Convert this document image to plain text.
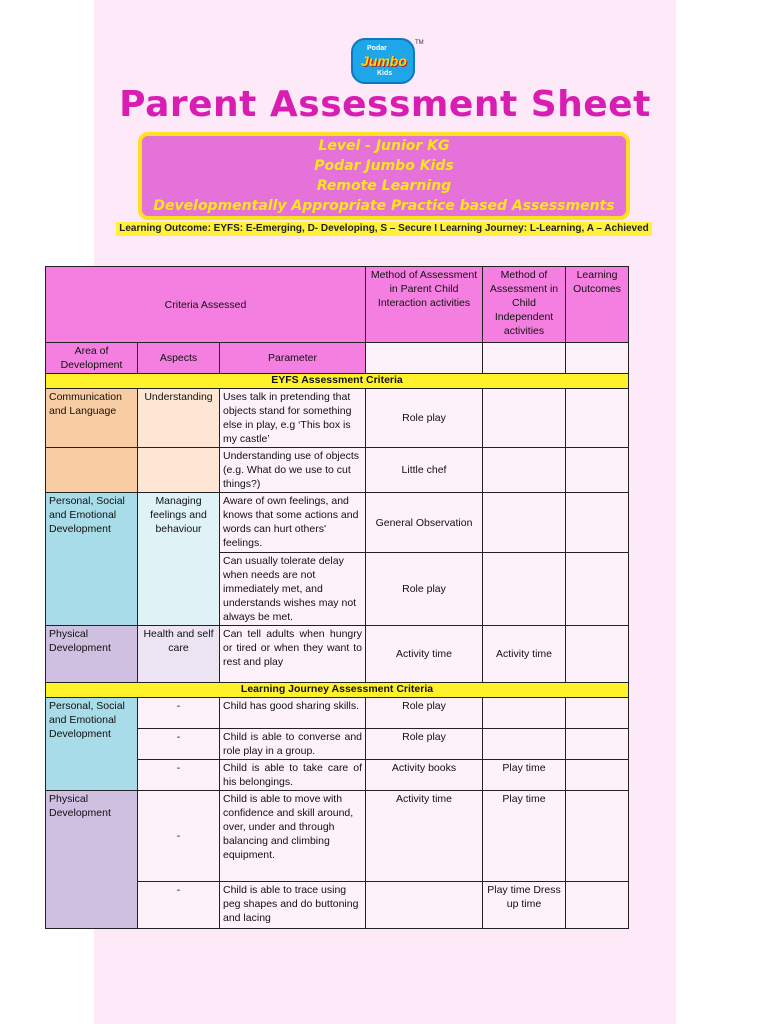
Podar
Jumbo
Kids
TM
Parent Assessment Sheet
Level - Junior KG
Podar Jumbo Kids
Remote Learning
Developmentally Appropriate Practice based Assessments
Learning Outcome: EYFS: E-Emerging, D- Developing, S – Secure I Learning Journey: L-Learning, A – Achieved
Criteria Assessed			Method of Assessment in Parent Child Interaction activities	Method of Assessment in Child Independent activities	Learning Outcomes
Area of Development	Aspects	Parameter			
EYFS Assessment Criteria					
Communication and Language	Understanding	Uses talk in pretending that objects stand for something else in play, e.g ‘This box is my castle’	Role play		
		Understanding use of objects (e.g. What do we use to cut things?)	Little chef		
Personal, Social and Emotional Development	Managing feelings and behaviour	Aware of own feelings, and knows that some actions and words can hurt others' feelings.	General Observation		
		Can usually tolerate delay when needs are not immediately met, and understands wishes may not always be met.	Role play		
Physical Development	Health and self care	Can tell adults when hungry or tired or when they want to rest and play	Activity time	Activity time	
Learning Journey Assessment Criteria					
Personal, Social and Emotional Development	-	Child has good sharing skills.	Role play		
	-	Child is able to converse and role play in a group.	Role play		
	-	Child is able to take care of his belongings.	Activity books	Play time	
Physical Development	-	Child is able to move with confidence and skill around, over, under and through balancing and climbing equipment.	Activity time	Play time	
	-	Child is able to trace using peg shapes and do buttoning and lacing		Play time Dress up time	
